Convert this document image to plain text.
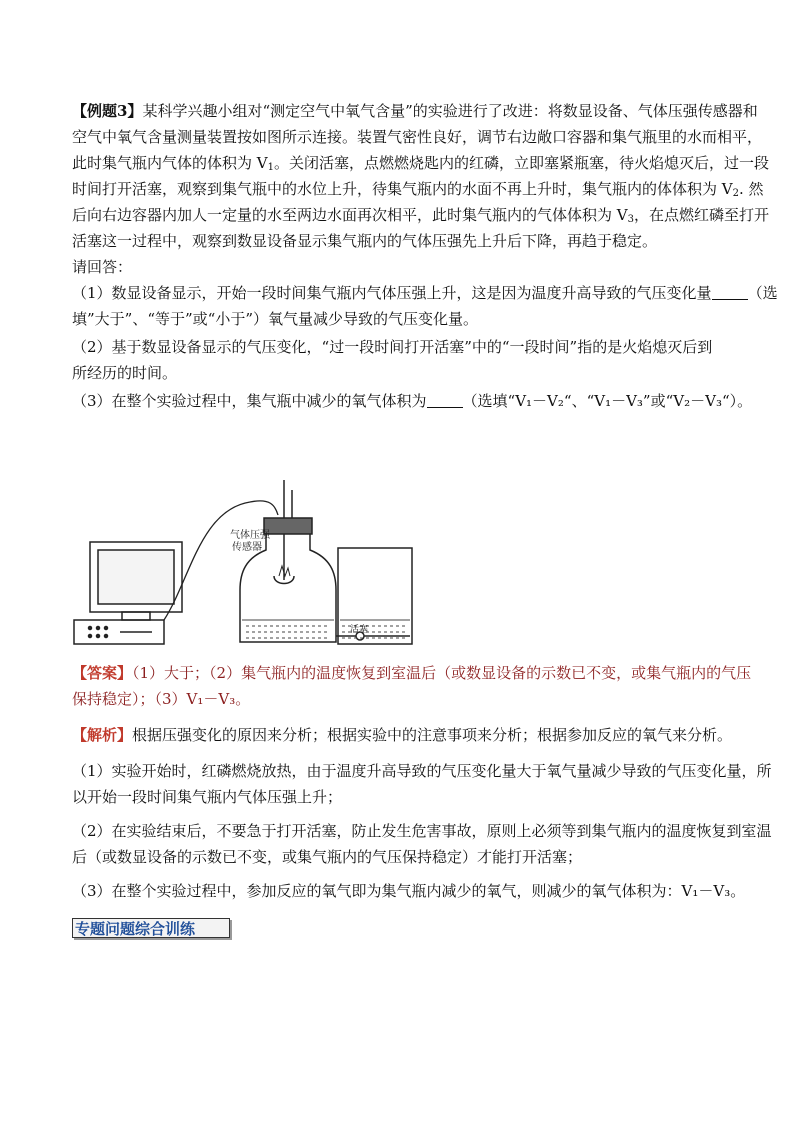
【例题3】某科学兴趣小组对“测定空气中氧气含量”的实验进行了改进：将数显设备、气体压强传感器和
空气中氧气含量测量装置按如图所示连接。装置气密性良好，调节右边敞口容器和集气瓶里的水而相平，
此时集气瓶内气体的体积为 $V_1$。关闭活塞，点燃燃烧匙内的红磷，立即塞紧瓶塞，待火焰熄灭后，过一段
时间打开活塞，观察到集气瓶中的水位上升，待集气瓶内的水面不再上升时，集气瓶内的体体积为 $V_2$. 然
后向右边容器内加人一定量的水至两边水面再次相平，此时集气瓶内的气体体积为 $V_3$，在点燃红磷至打开
活塞这一过程中，观察到数显设备显示集气瓶内的气体压强先上升后下降，再趋于稳定。
请回答：
（1）数显设备显示，开始一段时间集气瓶内气体压强上升，这是因为温度升高导致的气压变化量 （选
填”大于”、“等于”或“小于”）氧气量减少导致的气压变化量。
（2）基于数显设备显示的气压变化，“过一段时间打开活塞”中的“一段时间”指的是火焰熄灭后到
所经历的时间。
（3）在整个实验过程中，集气瓶中减少的氧气体积为 （选填“V₁－V₂“、“V₁－V₃”或“V₂－V₃“）。
气体压强
传感器
活塞
【答案】（1）大于；（2）集气瓶内的温度恢复到室温后（或数显设备的示数已不变，或集气瓶内的气压
保持稳定）；（3）V₁－V₃。
【解析】根据压强变化的原因来分析；根据实验中的注意事项来分析；根据参加反应的氧气来分析。
（1）实验开始时，红磷燃烧放热，由于温度升高导致的气压变化量大于氧气量减少导致的气压变化量，所
以开始一段时间集气瓶内气体压强上升；
（2）在实验结束后，不要急于打开活塞，防止发生危害事故，原则上必须等到集气瓶内的温度恢复到室温
后（或数显设备的示数已不变，或集气瓶内的气压保持稳定）才能打开活塞；
（3）在整个实验过程中，参加反应的氧气即为集气瓶内减少的氧气，则减少的氧气体积为：V₁－V₃。
专题问题综合训练
